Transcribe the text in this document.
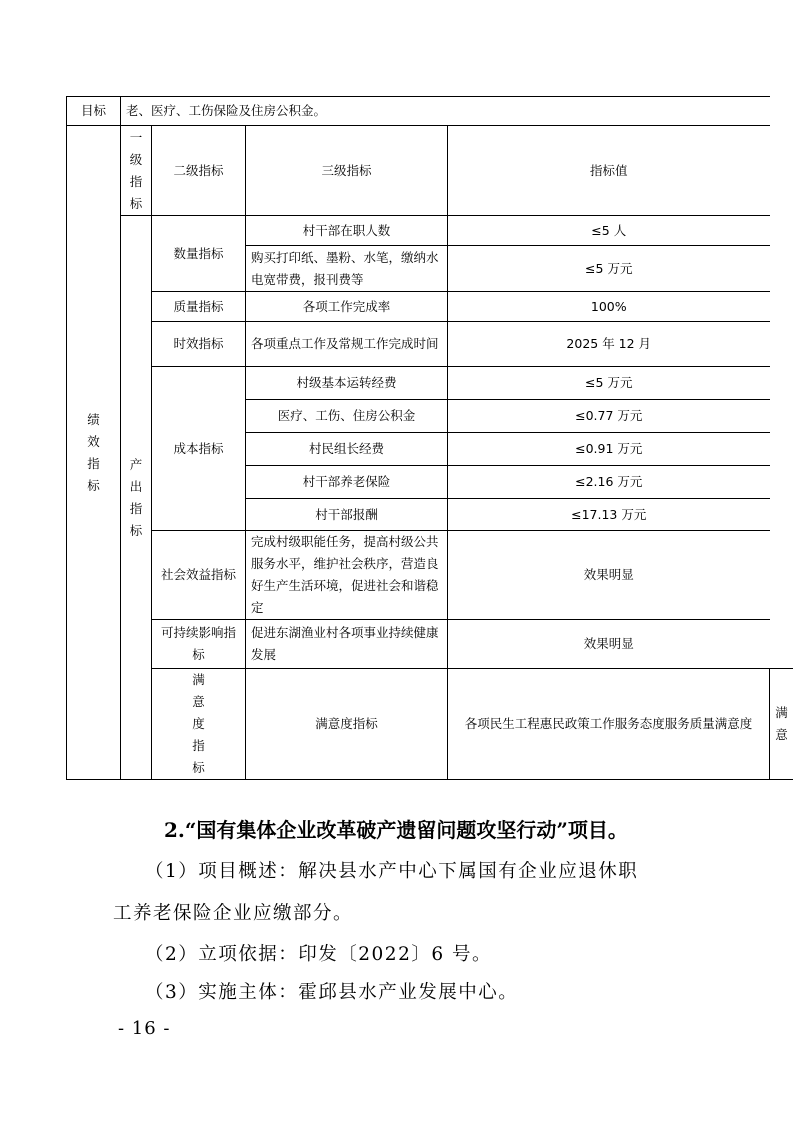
目标	老、医疗、工伤保险及住房公积金。				

绩效指标	一级指标	二级指标	三级指标	指标值	

	产出指标	数量指标	村干部在职人数	≤5 人	
			购买打印纸、墨粉、水笔，缴纳水电宽带费，报刊费等	≤5 万元	
		质量指标	各项工作完成率	100%	
		时效指标	各项重点工作及常规工作完成时间	2025 年 12 月	
		成本指标	村级基本运转经费	≤5 万元	
			医疗、工伤、住房公积金	≤0.77 万元	
			村民组长经费	≤0.91 万元	
			村干部养老保险	≤2.16 万元	
			村干部报酬	≤17.13 万元	
		社会效益指标	完成村级职能任务，提高村级公共服务水平，维护社会秩序，营造良好生产生活环境，促进社会和谐稳定	效果明显	
		可持续影响指标	促进东湖渔业村各项事业持续健康发展	效果明显	

		满意度指标	满意度指标	各项民生工程惠民政策工作服务态度服务质量满意度	满意
2.“国有集体企业改革破产遗留问题攻坚行动”项目。
（1）项目概述：解决县水产中心下属国有企业应退休职
工养老保险企业应缴部分。
（2）立项依据：印发〔2022〕6 号。
（3）实施主体：霍邱县水产业发展中心。
- 16 -
